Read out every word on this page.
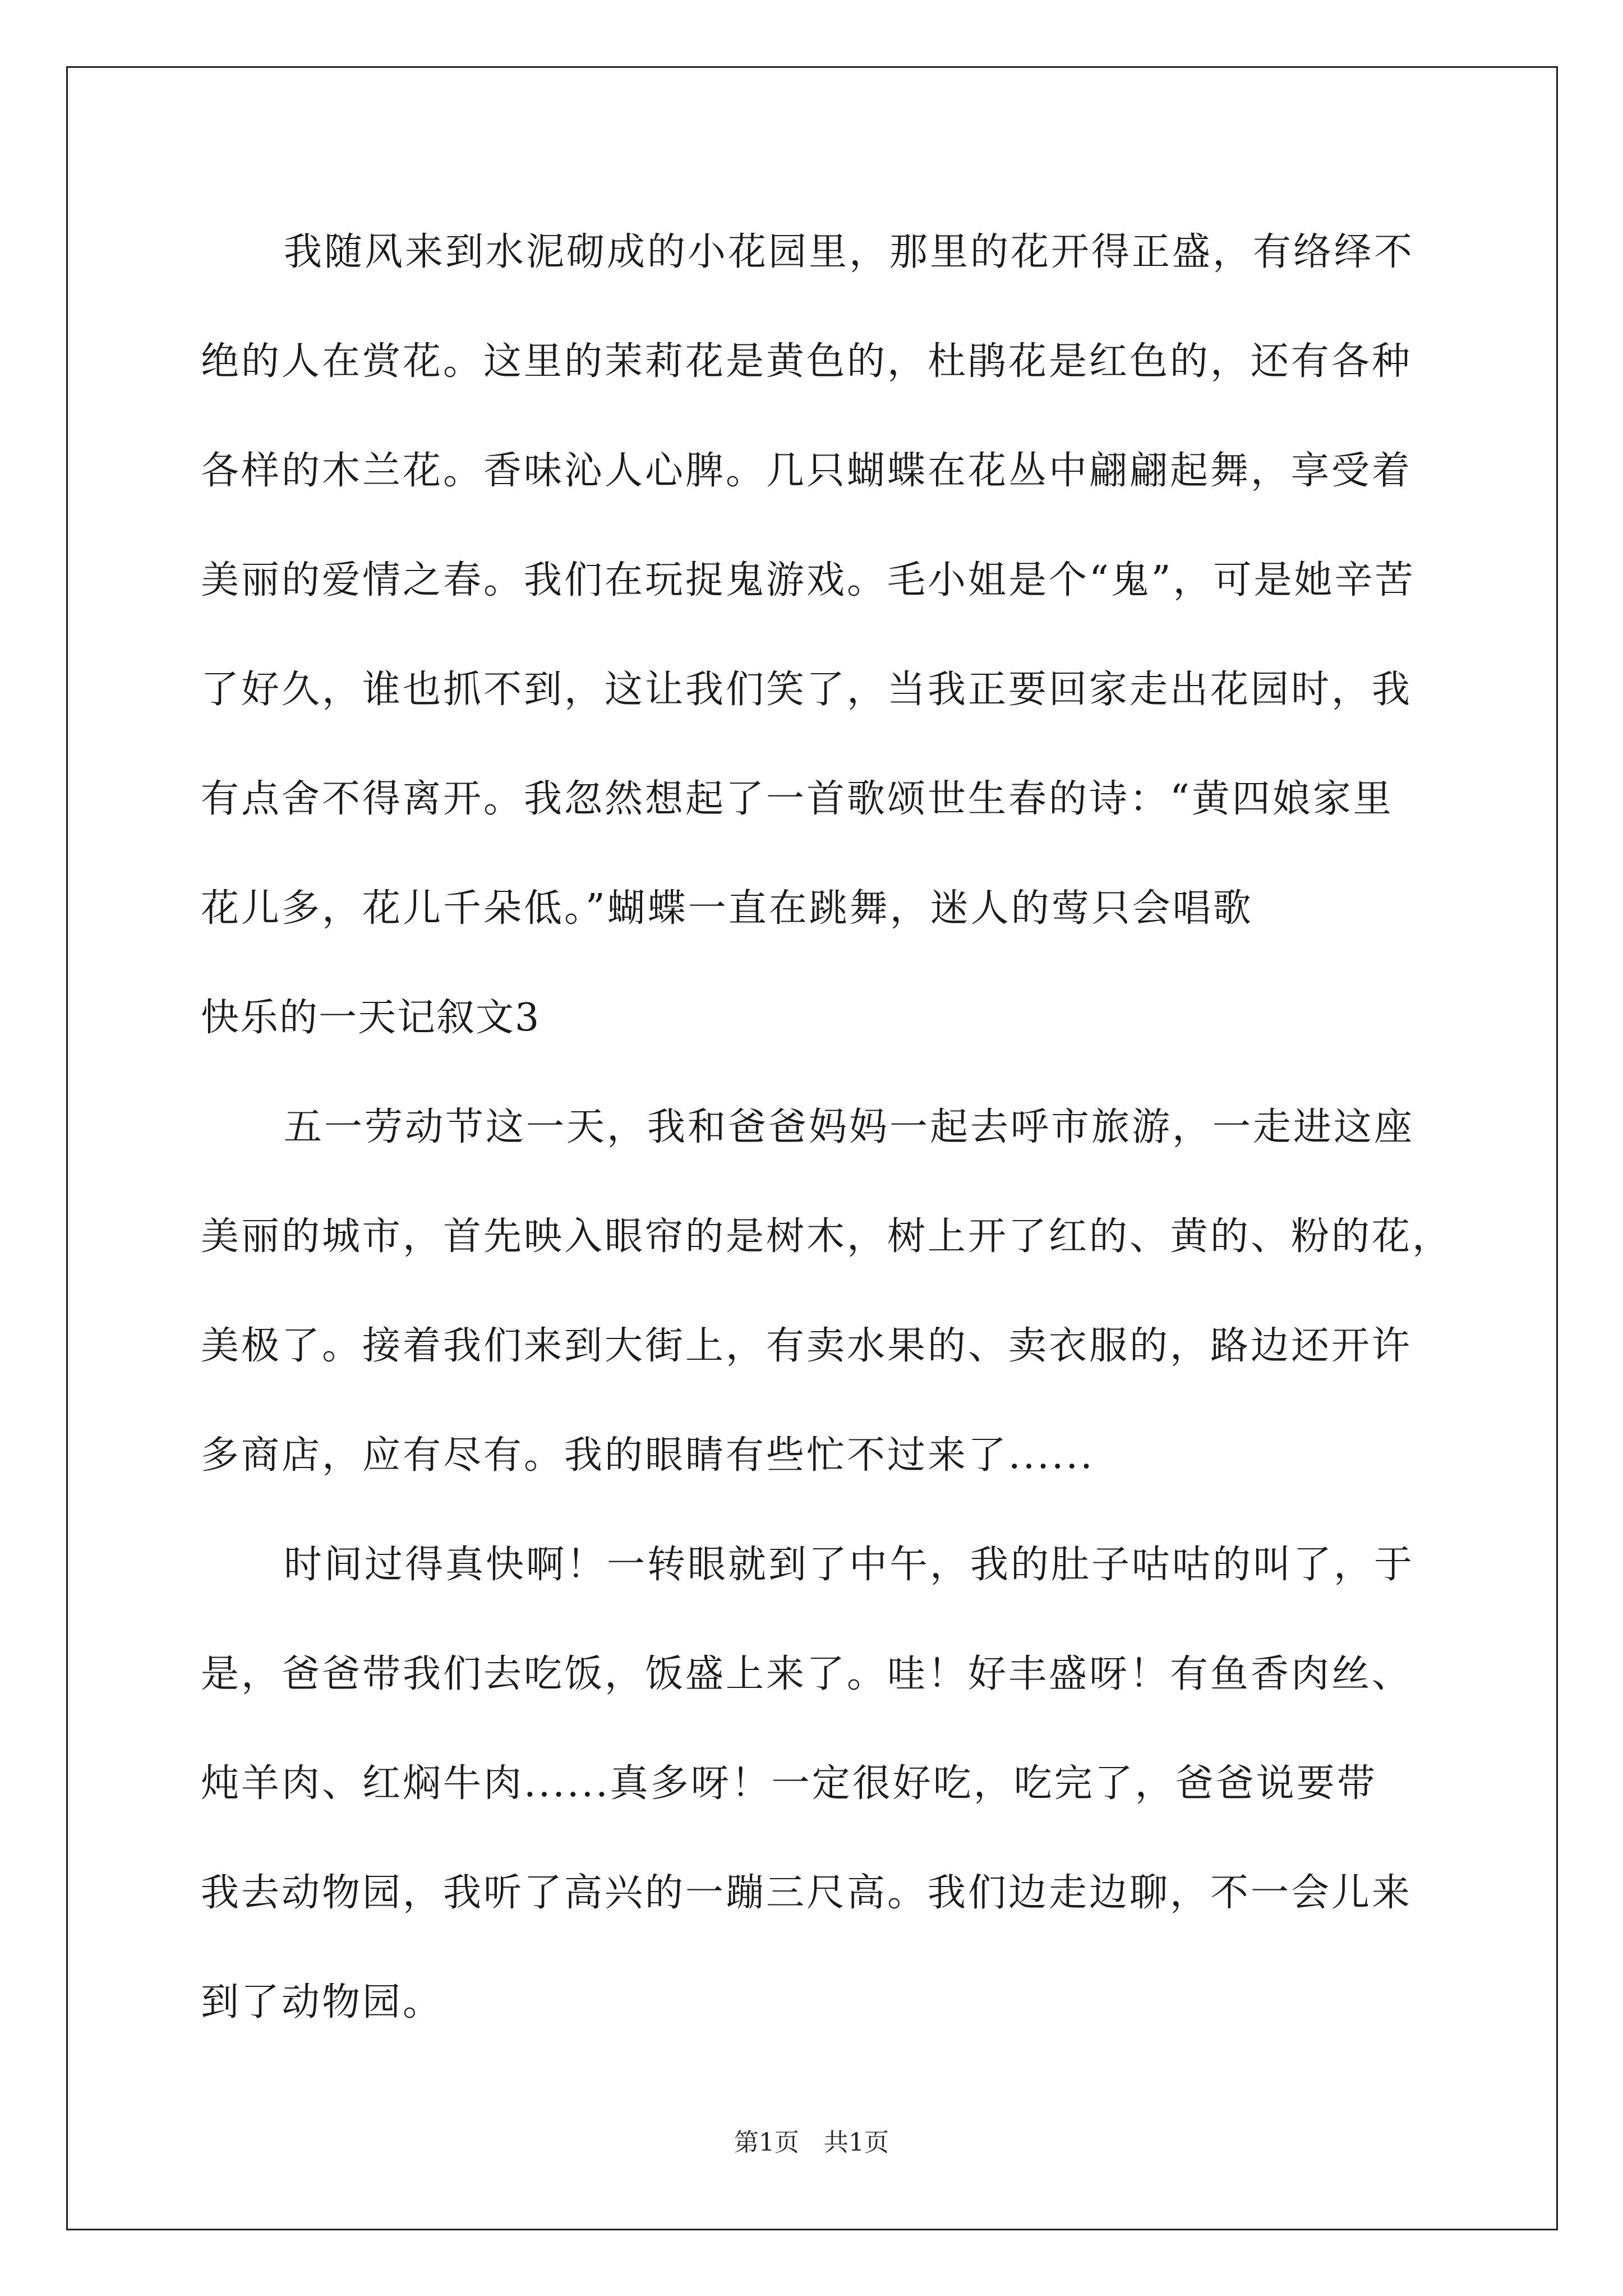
我随风来到水泥砌成的小花园里，那里的花开得正盛，有络绎不
绝的人在赏花。这里的茉莉花是黄色的，杜鹃花是红色的，还有各种
各样的木兰花。香味沁人心脾。几只蝴蝶在花丛中翩翩起舞，享受着
美丽的爱情之春。我们在玩捉鬼游戏。毛小姐是个“鬼”，可是她辛苦
了好久，谁也抓不到，这让我们笑了，当我正要回家走出花园时，我
有点舍不得离开。我忽然想起了一首歌颂世生春的诗：“黄四娘家里
花儿多，花儿千朵低。”蝴蝶一直在跳舞，迷人的莺只会唱歌
快乐的一天记叙文3
五一劳动节这一天，我和爸爸妈妈一起去呼市旅游，一走进这座
美丽的城市，首先映入眼帘的是树木，树上开了红的、黄的、粉的花，
美极了。接着我们来到大街上，有卖水果的、卖衣服的，路边还开许
多商店，应有尽有。我的眼睛有些忙不过来了......
时间过得真快啊！一转眼就到了中午，我的肚子咕咕的叫了，于
是，爸爸带我们去吃饭，饭盛上来了。哇！好丰盛呀！有鱼香肉丝、
炖羊肉、红焖牛肉......真多呀！一定很好吃，吃完了，爸爸说要带
我去动物园，我听了高兴的一蹦三尺高。我们边走边聊，不一会儿来
到了动物园。
第1页　共1页
